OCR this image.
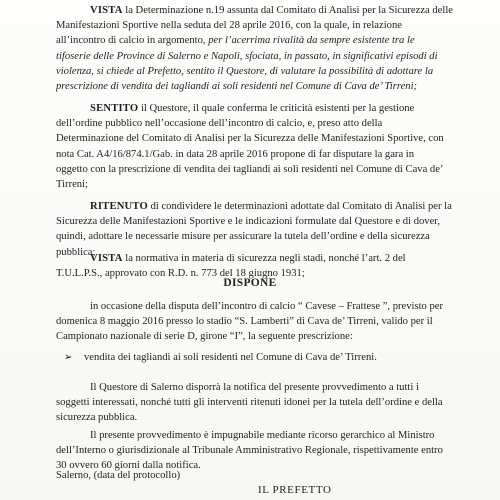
VISTA la Determinazione n.19 assunta dal Comitato di Analisi per la Sicurezza delle
Manifestazioni Sportive nella seduta del 28 aprile 2016, con la quale, in relazione
all’incontro di calcio in argomento, per l’acerrima rivalità da sempre esistente tra le
tifoserie delle Province di Salerno e Napoli, sfociata, in passato, in significativi episodi di
violenza, si chiede al Prefetto, sentito il Questore, di valutare la possibilità di adottare la
prescrizione di vendita dei tagliandi ai soli residenti nel Comune di Cava de’ Tirreni;
SENTITO il Questore, il quale conferma le criticità esistenti per la gestione
dell’ordine pubblico nell’occasione dell’incontro di calcio, e, preso atto della
Determinazione del Comitato di Analisi per la Sicurezza delle Manifestazioni Sportive, con
nota Cat. A4/16/874.1/Gab. in data 28 aprile 2016 propone di far disputare la gara in
oggetto con la prescrizione di vendita dei tagliandi ai soli residenti nel Comune di Cava de’
Tirreni;
RITENUTO di condividere le determinazioni adottate dal Comitato di Analisi per la
Sicurezza delle Manifestazioni Sportive e le indicazioni formulate dal Questore e di dover,
quindi, adottare le necessarie misure per assicurare la tutela dell’ordine e della sicurezza
pubblica;
VISTA la normativa in materia di sicurezza negli stadi, nonché l’art. 2 del
T.U.L.P.S., approvato con R.D. n. 773 del 18 giugno 1931;
DISPONE
in occasione della disputa dell’incontro di calcio “ Cavese – Frattese ”, previsto per
domenica 8 maggio 2016 presso lo stadio “S. Lamberti” di Cava de’ Tirreni, valido per il
Campionato nazionale di serie D, girone “I”, la seguente prescrizione:
➢ vendita dei tagliandi ai soli residenti nel Comune di Cava de’ Tirreni.
Il Questore di Salerno disporrà la notifica del presente provvedimento a tutti i
soggetti interessati, nonché tutti gli interventi ritenuti idonei per la tutela dell’ordine e della
sicurezza pubblica.
Il presente provvedimento è impugnabile mediante ricorso gerarchico al Ministro
dell’Interno o giurisdizionale al Tribunale Amministrativo Regionale, rispettivamente entro
30 ovvero 60 giorni dalla notifica.
Salerno, (data del protocollo)
IL PREFETTO
